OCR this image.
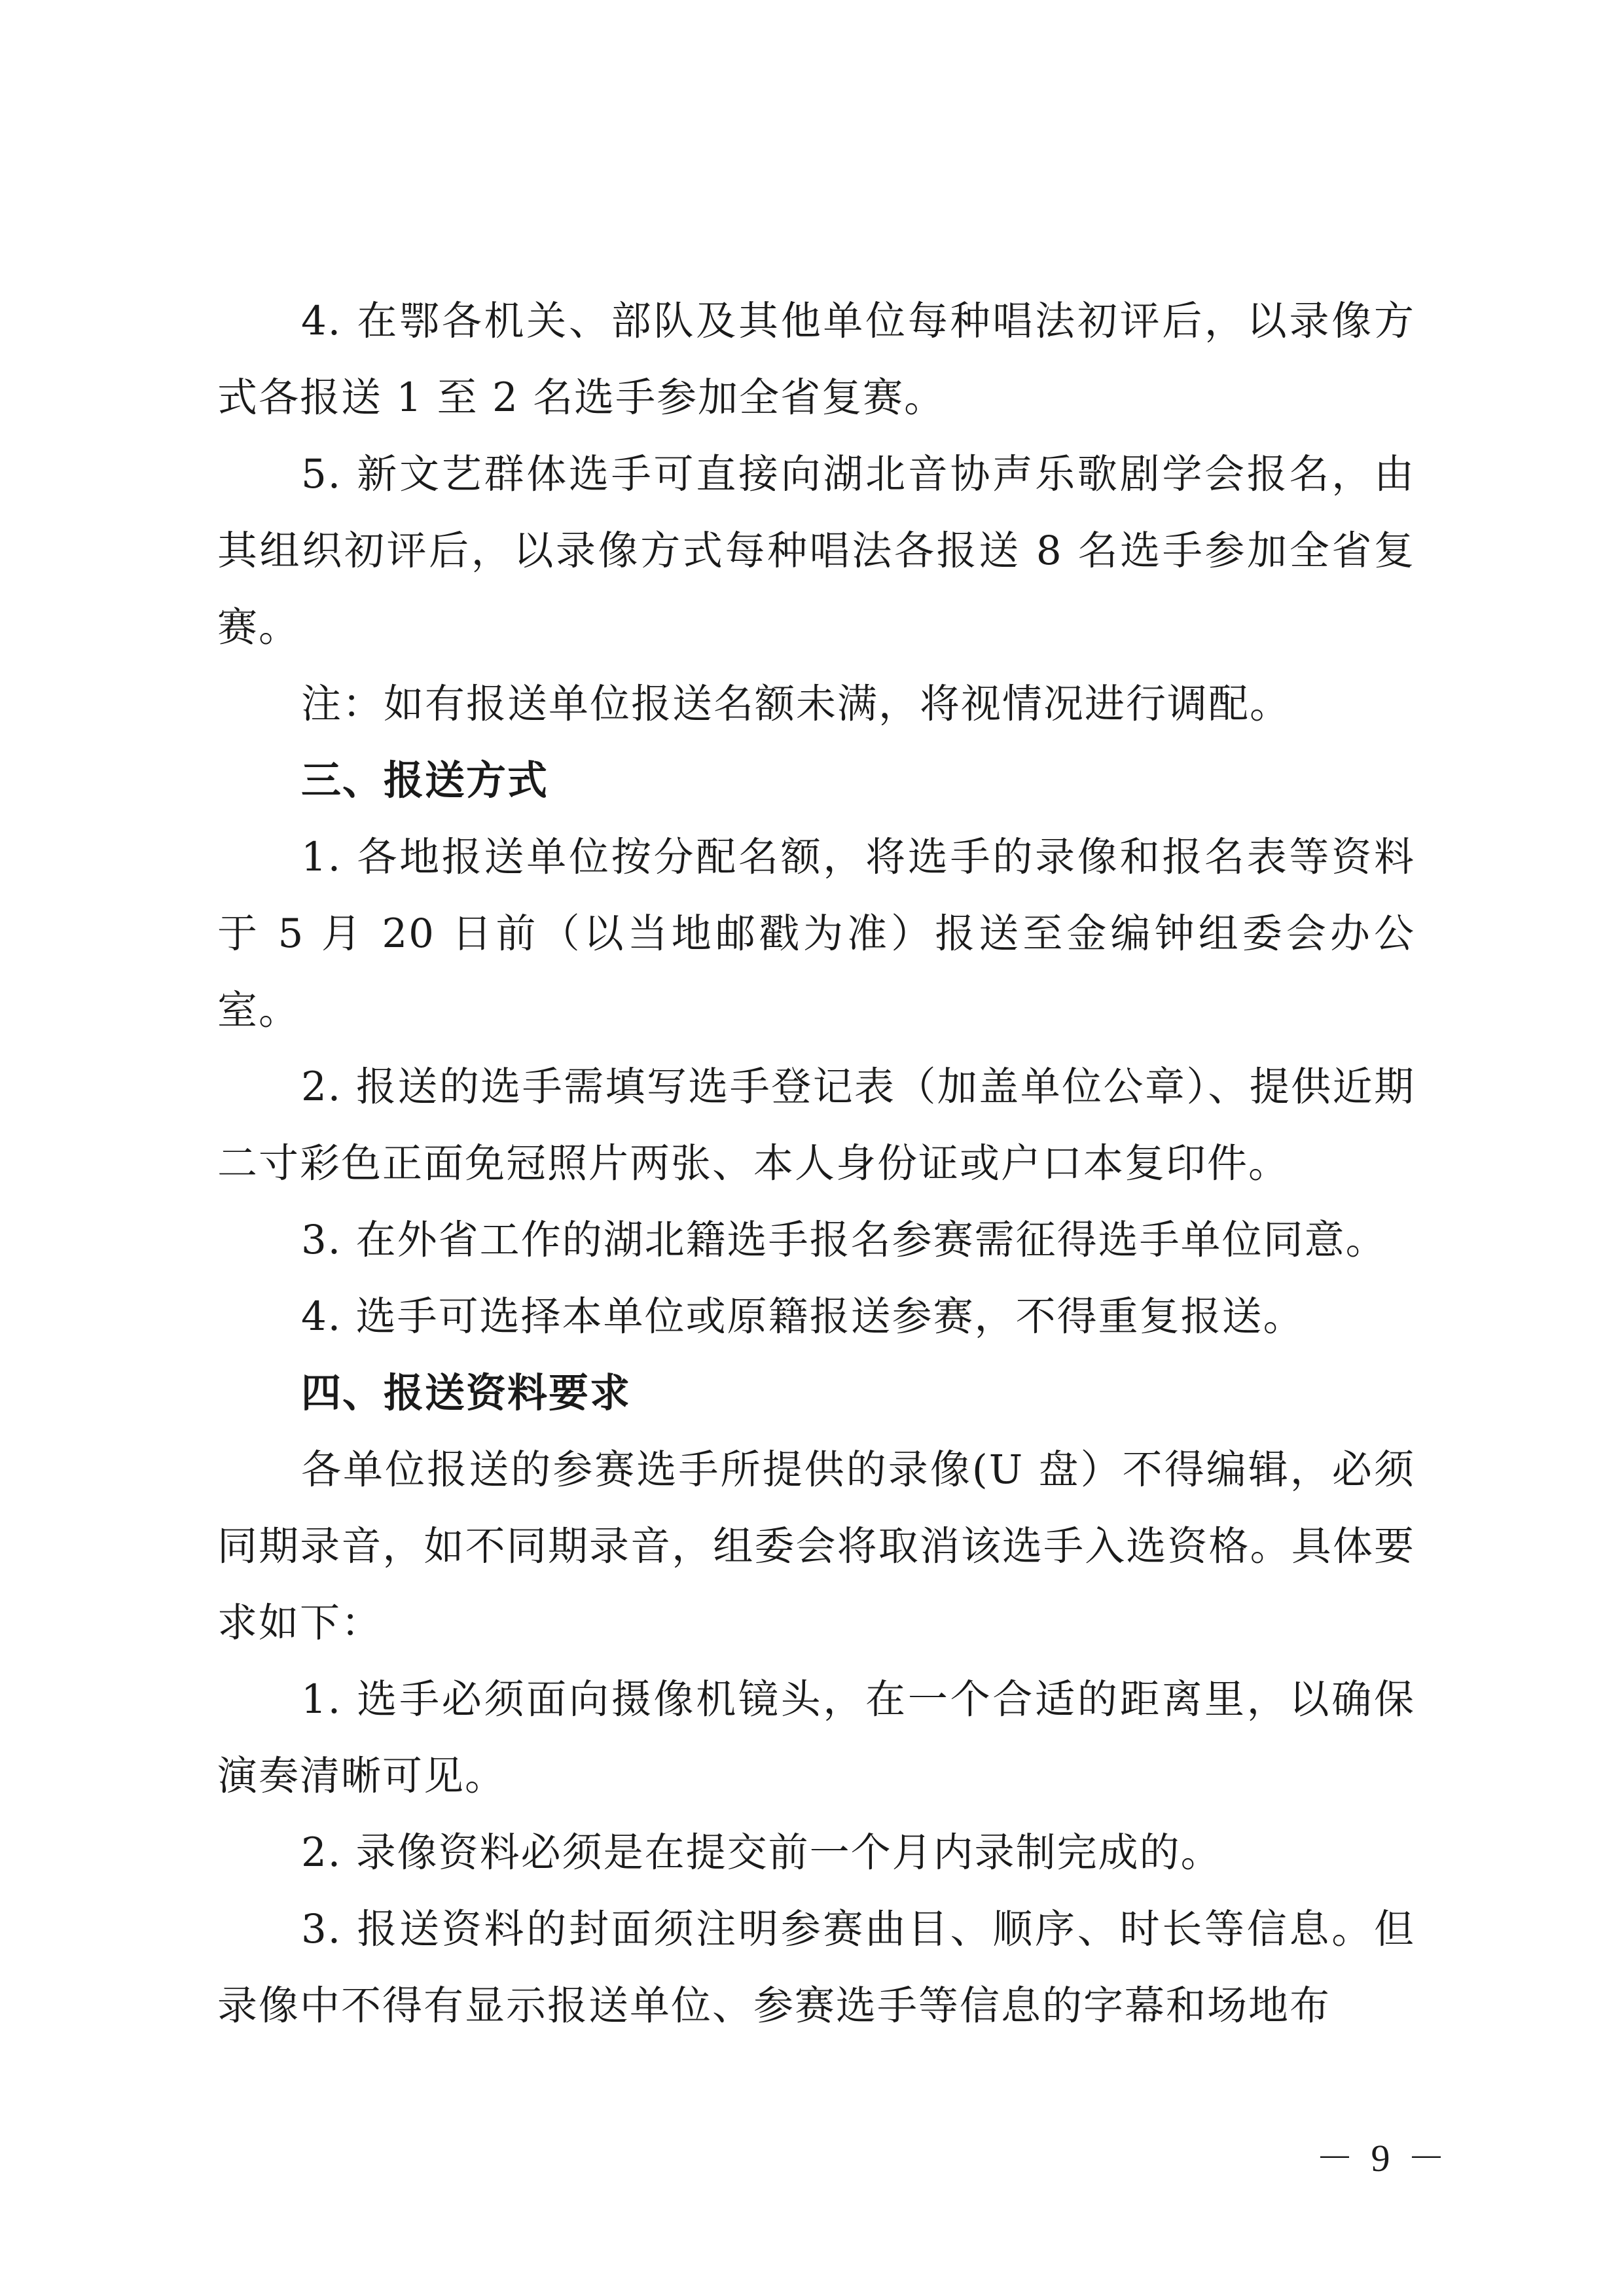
4. 在鄂各机关、部队及其他单位每种唱法初评后，以录像方式各报送 1 至 2 名选手参加全省复赛。

5. 新文艺群体选手可直接向湖北音协声乐歌剧学会报名，由其组织初评后，以录像方式每种唱法各报送 8 名选手参加全省复赛。

注：如有报送单位报送名额未满，将视情况进行调配。

三、报送方式

1. 各地报送单位按分配名额，将选手的录像和报名表等资料于 5 月 20 日前（以当地邮戳为准）报送至金编钟组委会办公室。

2. 报送的选手需填写选手登记表（加盖单位公章）、提供近期二寸彩色正面免冠照片两张、本人身份证或户口本复印件。

3. 在外省工作的湖北籍选手报名参赛需征得选手单位同意。

4. 选手可选择本单位或原籍报送参赛，不得重复报送。

四、报送资料要求

各单位报送的参赛选手所提供的录像(U 盘）不得编辑，必须同期录音，如不同期录音，组委会将取消该选手入选资格。具体要求如下：

1. 选手必须面向摄像机镜头，在一个合适的距离里，以确保演奏清晰可见。

2. 录像资料必须是在提交前一个月内录制完成的。

3. 报送资料的封面须注明参赛曲目、顺序、时长等信息。但录像中不得有显示报送单位、参赛选手等信息的字幕和场地布

－ 9 －
